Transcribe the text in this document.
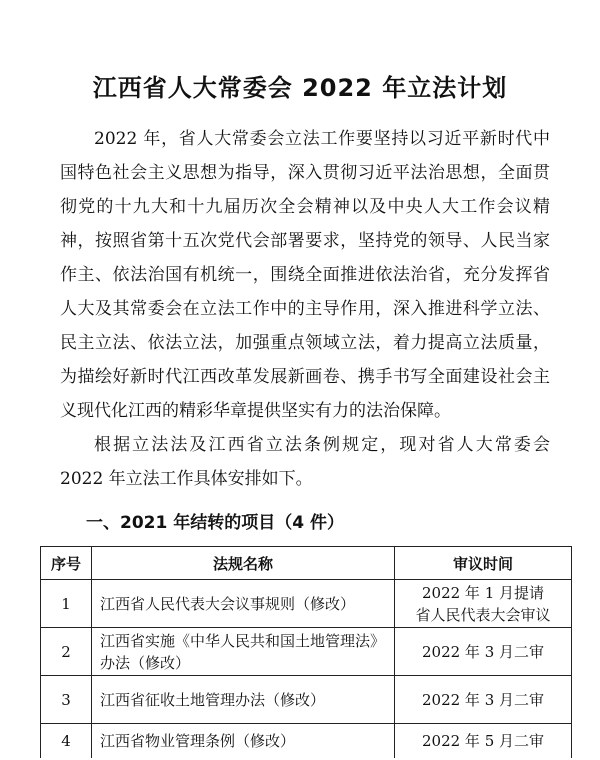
江西省人大常委会 2022 年立法计划
2022 年，省人大常委会立法工作要坚持以习近平新时代中
国特色社会主义思想为指导，深入贯彻习近平法治思想，全面贯
彻党的十九大和十九届历次全会精神以及中央人大工作会议精
神，按照省第十五次党代会部署要求，坚持党的领导、人民当家
作主、依法治国有机统一，围绕全面推进依法治省，充分发挥省
人大及其常委会在立法工作中的主导作用，深入推进科学立法、
民主立法、依法立法，加强重点领域立法，着力提高立法质量，
为描绘好新时代江西改革发展新画卷、携手书写全面建设社会主
义现代化江西的精彩华章提供坚实有力的法治保障。
根据立法法及江西省立法条例规定，现对省人大常委会
2022 年立法工作具体安排如下。
一、2021 年结转的项目（4 件）
序号	法规名称	审议时间
1	江西省人民代表大会议事规则（修改）	2022 年 1 月提请
省人民代表大会审议

2	江西省实施《中华人民共和国土地管理法》办法（修改）	2022 年 3 月二审

3	江西省征收土地管理办法（修改）	2022 年 3 月二审

4	江西省物业管理条例（修改）	2022 年 5 月二审
